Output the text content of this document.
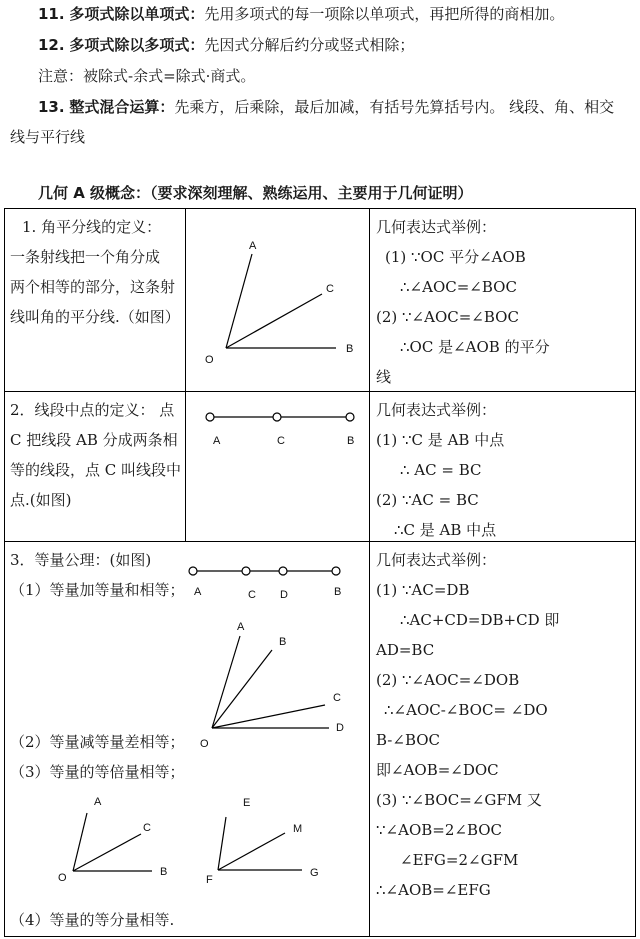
11. 多项式除以单项式：先用多项式的每一项除以单项式，再把所得的商相加。
12. 多项式除以多项式：先因式分解后约分或竖式相除；
注意：被除式-余式=除式·商式。
13. 整式混合运算：先乘方，后乘除，最后加减，有括号先算括号内。 线段、角、相交
线与平行线
几何 A 级概念：（要求深刻理解、熟练运用、主要用于几何证明）
1. 角平分线的定义：
一条射线把一个角分成
两个相等的部分，这条射
线叫角的平分线.（如图）
A
C
O
B
几何表达式举例：
(1) ∵OC 平分∠AOB
∴∠AOC=∠BOC
(2) ∵∠AOC=∠BOC
∴OC 是∠AOB 的平分
线
2．线段中点的定义： 点
C 把线段 AB 分成两条相
等的线段，点 C 叫线段中
点.(如图)
A	C	B
几何表达式举例：
(1) ∵C 是 AB 中点
∴ AC = BC
(2) ∵AC = BC
∴C 是 AB 中点
3．等量公理：(如图)
（1）等量加等量和相等；
（2）等量减等量差相等；
（3）等量的等倍量相等；
（4）等量的等分量相等.
A	C D	B
A
B
C
D
O
A
C
O	B
E
M
F
G
几何表达式举例：
(1) ∵AC=DB
∴AC+CD=DB+CD 即
AD=BC
(2) ∵∠AOC=∠DOB
∴∠AOC-∠BOC= ∠DO
B-∠BOC
即∠AOB=∠DOC
(3) ∵∠BOC=∠GFM 又
∵∠AOB=2∠BOC
∠EFG=2∠GFM
∴∠AOB=∠EFG
